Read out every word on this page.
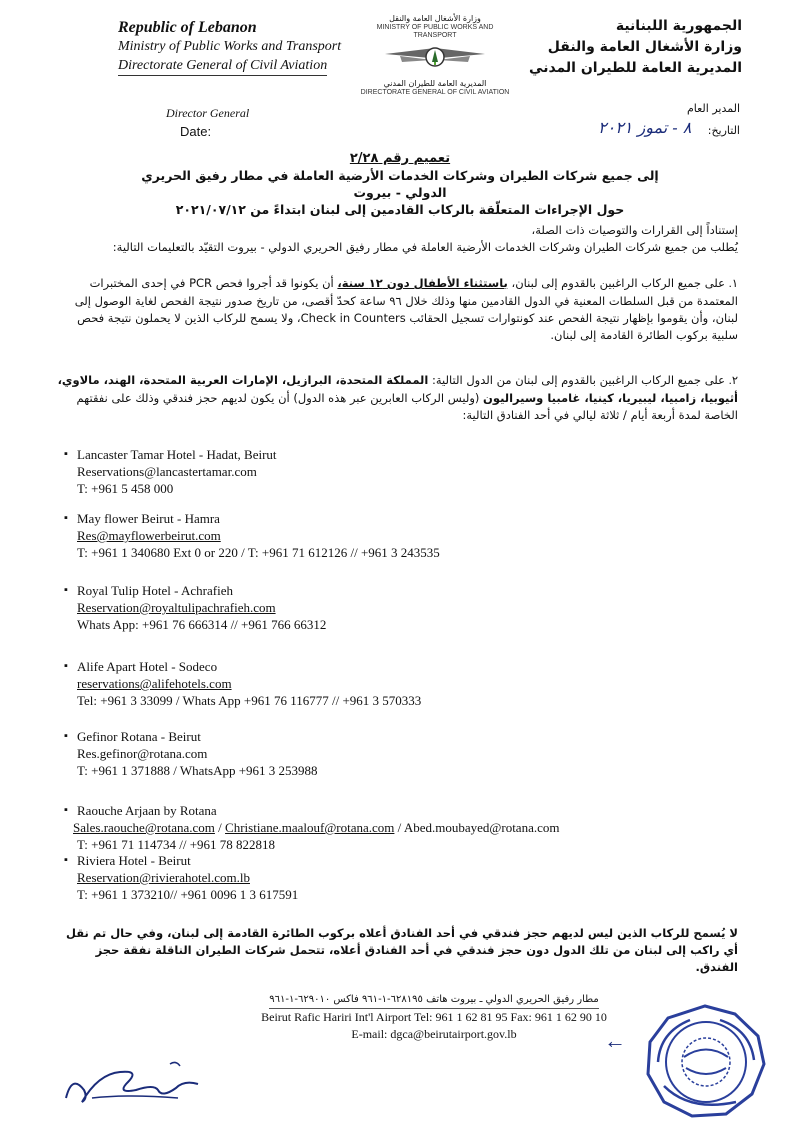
Republic of Lebanon
Ministry of Public Works and Transport
Directorate General of Civil Aviation
وزارة الأشغال العامة والنقل
MINISTRY OF PUBLIC WORKS AND TRANSPORT
المديرية العامة للطيران المدني
DIRECTORATE GENERAL OF CIVIL AVIATION
الجمهورية اللبنانية
وزارة الأشغال العامة والنقل
المديرية العامة للطيران المدني
Director General
Date:
المدير العام
التاريخ:
٨ - تموز ٢٠٢١
تعميم رقم ٢/٢٨
إلى جميع شركات الطيران وشركات الخدمات الأرضية العاملة في مطار رفيق الحريري الدولي - بيروت
حول الإجراءات المتعلّقة بالركاب القادمين إلى لبنان ابتداءً من ٢٠٢١/٠٧/١٢
إستناداً إلى القرارات والتوصيات ذات الصلة،
يُطلب من جميع شركات الطيران وشركات الخدمات الأرضية العاملة في مطار رفيق الحريري الدولي - بيروت التقيّد بالتعليمات التالية:
١. على جميع الركاب الراغبين بالقدوم إلى لبنان، باستثناء الأطفال دون ١٢ سنة، أن يكونوا قد أجروا فحص PCR في إحدى المختبرات المعتمدة من قبل السلطات المعنية في الدول القادمين منها وذلك خلال ٩٦ ساعة كحدّ أقصى، من تاريخ صدور نتيجة الفحص لغاية الوصول إلى لبنان، وأن يقوموا بإظهار نتيجة الفحص عند كونتوارات تسجيل الحقائب Check in Counters، ولا يسمح للركاب الذين لا يحملون نتيجة فحص سلبية بركوب الطائرة القادمة إلى لبنان.
٢. على جميع الركاب الراغبين بالقدوم إلى لبنان من الدول التالية: المملكة المتحدة، البرازيل، الإمارات العربية المتحدة، الهند، مالاوي، أثيوبيا، زامبيا، ليبيريا، كينيا، غامبيا وسيراليون (وليس الركاب العابرين عبر هذه الدول) أن يكون لديهم حجز فندقي وذلك على نفقتهم الخاصة لمدة أربعة أيام / ثلاثة ليالي في أحد الفنادق التالية:
▪ Lancaster Tamar Hotel - Hadat, Beirut
Reservations@lancastertamar.com
T: +961 5 458 000
▪ May flower Beirut - Hamra
Res@mayflowerbeirut.com
T: +961 1 340680 Ext 0 or 220 / T: +961 71 612126 // +961 3 243535
▪ Royal Tulip Hotel - Achrafieh
Reservation@royaltulipachrafieh.com
Whats App: +961 76 666314 // +961 766 66312
▪ Alife Apart Hotel - Sodeco
reservations@alifehotels.com
Tel: +961 3 33099 / Whats App +961 76 116777 // +961 3 570333
▪ Gefinor Rotana - Beirut
Res.gefinor@rotana.com
T: +961 1 371888 / WhatsApp +961 3 253988
▪ Raouche Arjaan by Rotana
Sales.raouche@rotana.com / Christiane.maalouf@rotana.com / Abed.moubayed@rotana.com
T: +961 71 114734 // +961 78 822818
▪ Riviera Hotel - Beirut
Reservation@rivierahotel.com.lb
T: +961 1 373210// +961 0096 1 3 617591
لا يُسمح للركاب الذين ليس لديهم حجز فندقي في أحد الفنادق أعلاه بركوب الطائرة القادمة إلى لبنان، وفي حال تم نقل أي راكب إلى لبنان من تلك الدول دون حجز فندقي في أحد الفنادق أعلاه، تتحمل شركات الطيران الناقلة نفقة حجز الفندق.
مطار رفيق الحريري الدولي ـ بيروت هاتف ٦٢٨١٩٥-١-٩٦١ فاكس ٦٢٩٠١٠-١-٩٦١
Beirut Rafic Hariri Int'l Airport Tel: 961 1 62 81 95 Fax: 961 1 62 90 10
E-mail: dgca@beirutairport.gov.lb	←
